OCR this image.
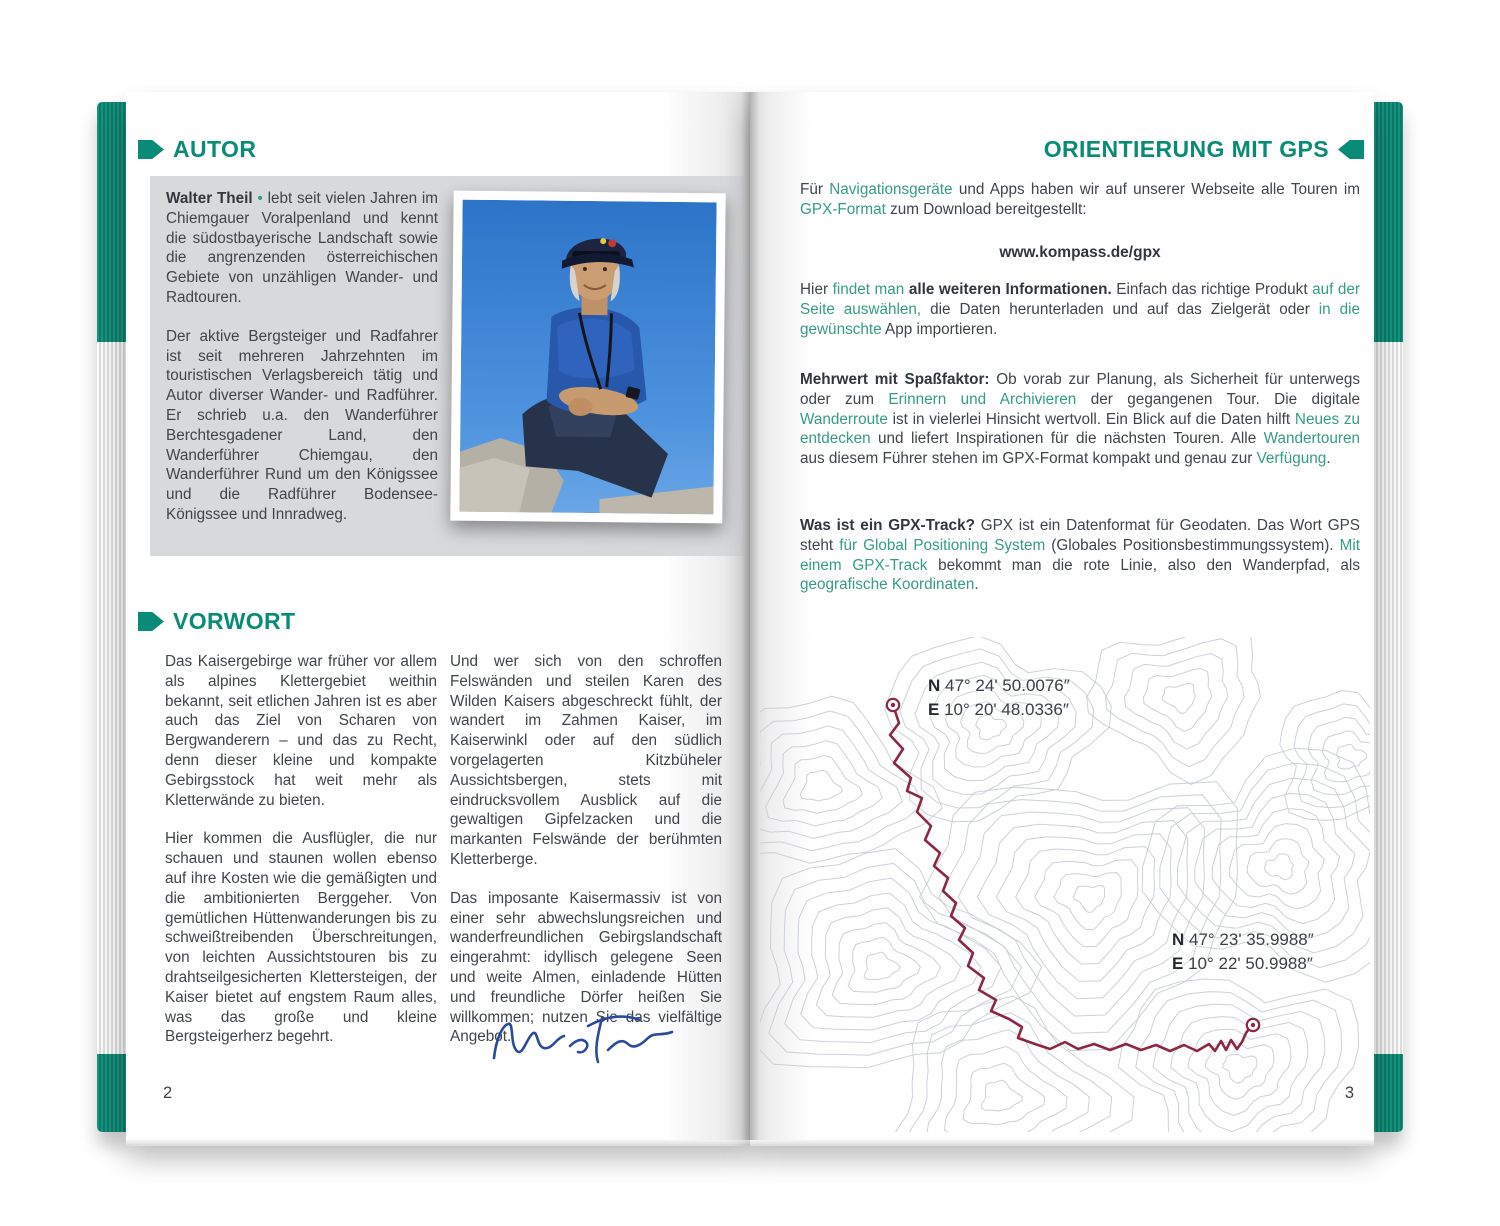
AUTOR

Walter Theil • lebt seit vielen Jahren im Chiemgauer Voralpenland und kennt die südostbayerische Landschaft sowie die angrenzenden österreichischen Gebiete von unzähligen Wander- und Radtouren.

Der aktive Bergsteiger und Radfahrer ist seit mehreren Jahrzehnten im touristischen Verlagsbereich tätig und Autor diverser Wander- und Radführer. Er schrieb u.a. den Wanderführer Berchtesgadener Land, den Wanderführer Chiemgau, den Wanderführer Rund um den Königssee und die Radführer Bodensee-Königssee und Innradweg.

VORWORT

Das Kaisergebirge war früher vor allem als alpines Klettergebiet weithin bekannt, seit etlichen Jahren ist es aber auch das Ziel von Scharen von Bergwanderern – und das zu Recht, denn dieser kleine und kompakte Gebirgsstock hat weit mehr als Kletterwände zu bieten.

Hier kommen die Ausflügler, die nur schauen und staunen wollen ebenso auf ihre Kosten wie die gemäßigten und die ambitionierten Berggeher. Von gemütlichen Hüttenwanderungen bis zu schweißtreibenden Überschreitungen, von leichten Aussichtstouren bis zu drahtseilgesicherten Klettersteigen, der Kaiser bietet auf engstem Raum alles, was das große und kleine Bergsteigerherz begehrt.

Und wer sich von den schroffen Felswänden und steilen Karen des Wilden Kaisers abgeschreckt fühlt, der wandert im Zahmen Kaiser, im Kaiserwinkl oder auf den südlich vorgelagerten Kitzbüheler Aussichtsbergen, stets mit eindrucksvollem Ausblick auf die gewaltigen Gipfelzacken und die markanten Felswände der berühmten Kletterberge.

Das imposante Kaisermassiv ist von einer sehr abwechslungsreichen und wanderfreundlichen Gebirgslandschaft eingerahmt: idyllisch gelegene Seen und weite Almen, einladende Hütten und freundliche Dörfer heißen Sie willkommen; nutzen Sie das vielfältige Angebot.

2
ORIENTIERUNG MIT GPS

Für Navigationsgeräte und Apps haben wir auf unserer Webseite alle Touren im GPX-Format zum Download bereitgestellt:

www.kompass.de/gpx

Hier findet man alle weiteren Informationen. Einfach das richtige Produkt auf der Seite auswählen, die Daten herunterladen und auf das Zielgerät oder in die gewünschte App importieren.

Mehrwert mit Spaßfaktor: Ob vorab zur Planung, als Sicherheit für unterwegs oder zum Erinnern und Archivieren der gegangenen Tour. Die digitale Wanderroute ist in vielerlei Hinsicht wertvoll. Ein Blick auf die Daten hilft Neues zu entdecken und liefert Inspirationen für die nächsten Touren. Alle Wandertouren aus diesem Führer stehen im GPX-Format kompakt und genau zur Verfügung.

Was ist ein GPX-Track? GPX ist ein Datenformat für Geodaten. Das Wort GPS steht für Global Positioning System (Globales Positionsbestimmungssystem). Mit einem GPX-Track bekommt man die rote Linie, also den Wanderpfad, als geografische Koordinaten.

N 47° 24' 50.0076″
E 10° 20' 48.0336″
N 47° 23' 35.9988″
E 10° 22' 50.9988″
3
